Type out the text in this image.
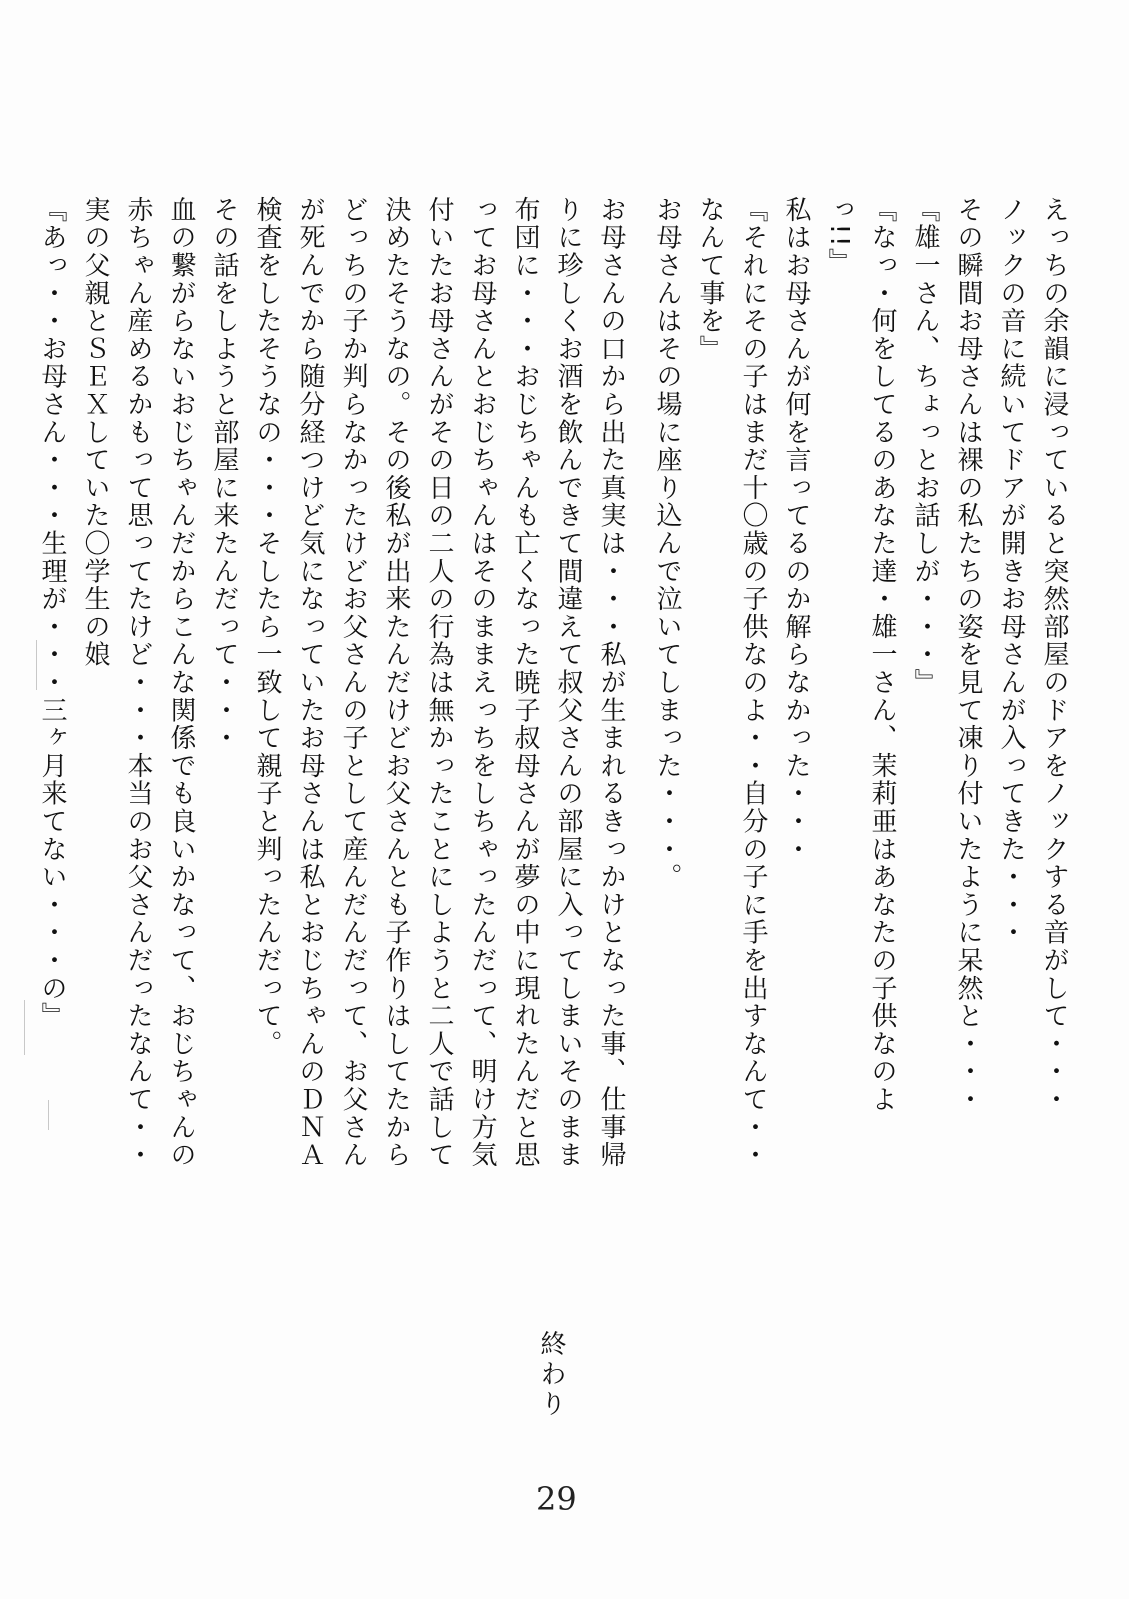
えっちの余韻に浸っていると突然部屋のドアをノックする音がして・・・
ノックの音に続いてドアが開きお母さんが入ってきた・・・
その瞬間お母さんは裸の私たちの姿を見て凍り付いたように呆然と・・・
『雄一さん、ちょっとお話しが・・・』
『なっ・何をしてるのあなた達・雄一さん、茉莉亜はあなたの子供なのよ
っ!!』
私はお母さんが何を言ってるのか解らなかった・・・
『それにその子はまだ十〇歳の子供なのよ・・自分の子に手を出すなんて・・
なんて事を』
お母さんはその場に座り込んで泣いてしまった・・・。
お母さんの口から出た真実は・・・私が生まれるきっかけとなった事、仕事帰
りに珍しくお酒を飲んできて間違えて叔父さんの部屋に入ってしまいそのまま
布団に・・・おじちゃんも亡くなった暁子叔母さんが夢の中に現れたんだと思
ってお母さんとおじちゃんはそのままえっちをしちゃったんだって、明け方気
付いたお母さんがその日の二人の行為は無かったことにしようと二人で話して
決めたそうなの。その後私が出来たんだけどお父さんとも子作りはしてたから
どっちの子か判らなかったけどお父さんの子として産んだんだって、お父さん
が死んでから随分経つけど気になっていたお母さんは私とおじちゃんのＤＮＡ
検査をしたそうなの・・・そしたら一致して親子と判ったんだって。
その話をしようと部屋に来たんだって・・・
血の繋がらないおじちゃんだからこんな関係でも良いかなって、おじちゃんの
赤ちゃん産めるかもって思ってたけど・・・本当のお父さんだったなんて・・
実の父親とＳＥＸしていた〇学生の娘
『あっ・・お母さん・・・生理が・・・三ヶ月来てない・・・の』
終わり
29
